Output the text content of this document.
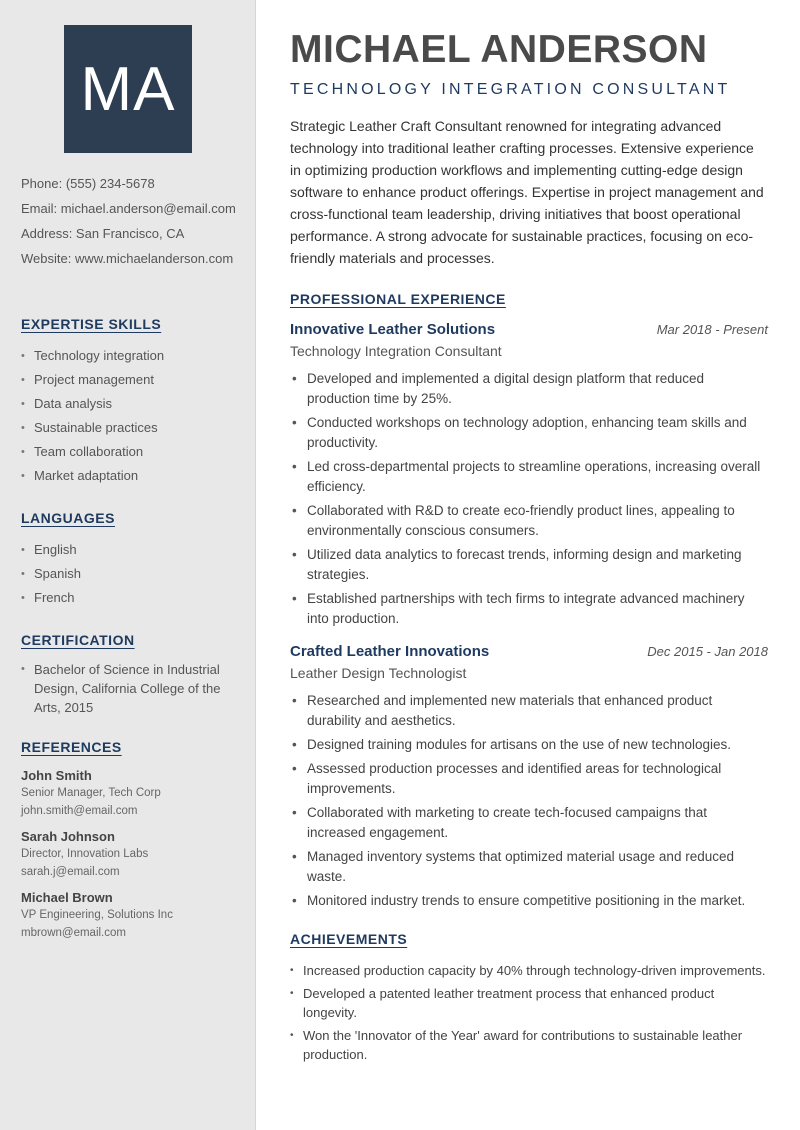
MA
Phone: (555) 234-5678
Email: michael.anderson@email.com
Address: San Francisco, CA
Website: www.michaelanderson.com
EXPERTISE SKILLS
• Technology integration
• Project management
• Data analysis
• Sustainable practices
• Team collaboration
• Market adaptation
LANGUAGES
• English
• Spanish
• French
CERTIFICATION
• Bachelor of Science in Industrial Design, California College of the Arts, 2015
REFERENCES
John Smith
Senior Manager, Tech Corp
john.smith@email.com
Sarah Johnson
Director, Innovation Labs
sarah.j@email.com
Michael Brown
VP Engineering, Solutions Inc
mbrown@email.com
MICHAEL ANDERSON
TECHNOLOGY INTEGRATION CONSULTANT
Strategic Leather Craft Consultant renowned for integrating advanced technology into traditional leather crafting processes. Extensive experience in optimizing production workflows and implementing cutting-edge design software to enhance product offerings. Expertise in project management and cross-functional team leadership, driving initiatives that boost operational performance. A strong advocate for sustainable practices, focusing on eco-friendly materials and processes.
PROFESSIONAL EXPERIENCE
Innovative Leather Solutions	Mar 2018 - Present
Technology Integration Consultant
• Developed and implemented a digital design platform that reduced production time by 25%.
• Conducted workshops on technology adoption, enhancing team skills and productivity.
• Led cross-departmental projects to streamline operations, increasing overall efficiency.
• Collaborated with R&D to create eco-friendly product lines, appealing to environmentally conscious consumers.
• Utilized data analytics to forecast trends, informing design and marketing strategies.
• Established partnerships with tech firms to integrate advanced machinery into production.
Crafted Leather Innovations	Dec 2015 - Jan 2018
Leather Design Technologist
• Researched and implemented new materials that enhanced product durability and aesthetics.
• Designed training modules for artisans on the use of new technologies.
• Assessed production processes and identified areas for technological improvements.
• Collaborated with marketing to create tech-focused campaigns that increased engagement.
• Managed inventory systems that optimized material usage and reduced waste.
• Monitored industry trends to ensure competitive positioning in the market.
ACHIEVEMENTS
• Increased production capacity by 40% through technology-driven improvements.
• Developed a patented leather treatment process that enhanced product longevity.
• Won the 'Innovator of the Year' award for contributions to sustainable leather production.
